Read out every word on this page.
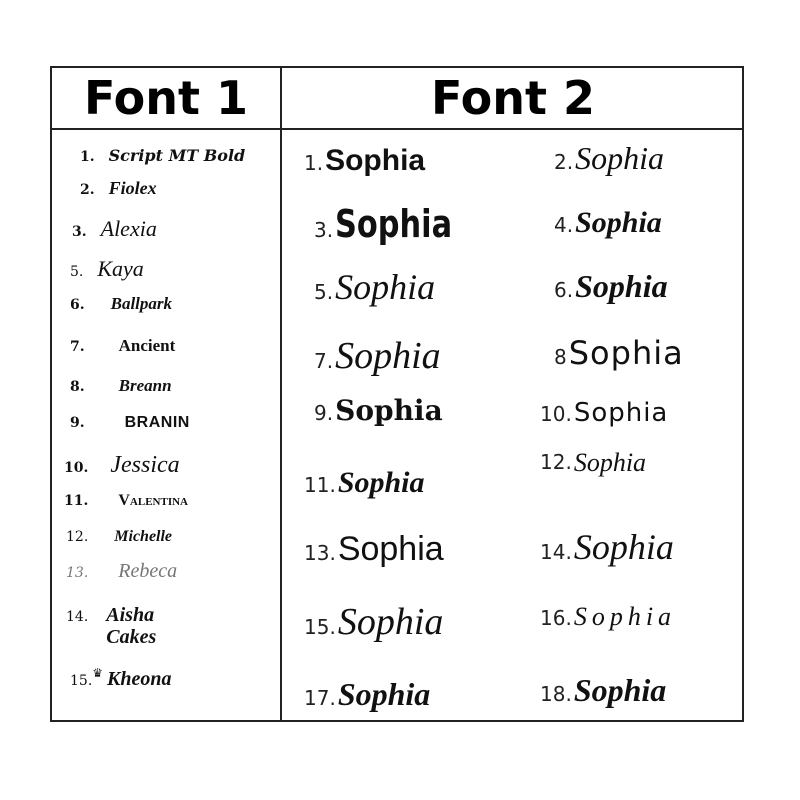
Font 1	Font 2
1. Script MT Bold
2. Fiolex
3. Alexia
5. Kaya
6. Ballpark
7. Ancient
8. Breann
9.	BRANIN
10. Jessica
11. Valentina
12. Michelle
13. Rebeca
14. Aisha Cakes
15. ♛ Kheona
1. Sophia
3. Sophia
5. Sophia
7. Sophia
9. Sophia
11. Sophia
13. Sophia
15. Sophia
17. Sophia
2. Sophia
4. Sophia
6. Sophia
8 Sophia
10. Sophia
12. Sophia
14. Sophia
16. Sophia
18. Sophia
